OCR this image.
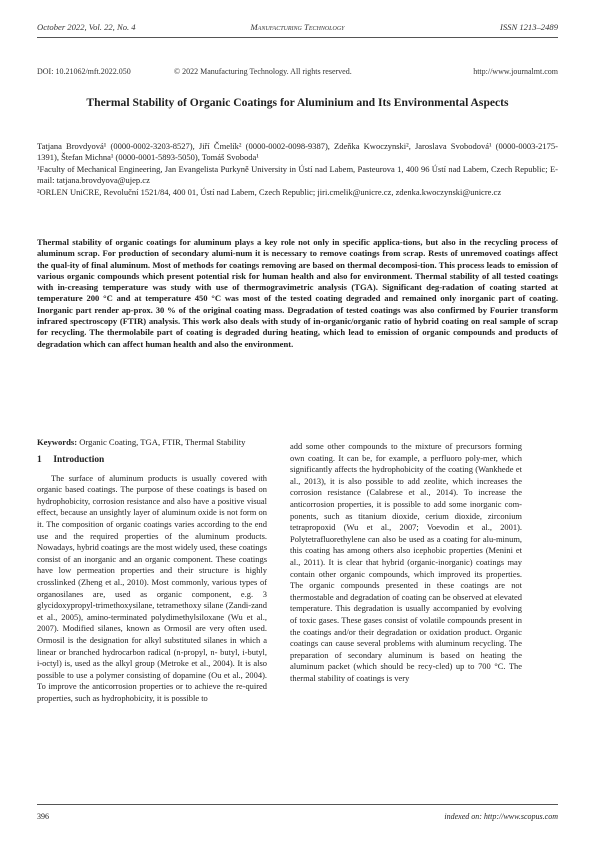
October 2022, Vol. 22, No. 4	Manufacturing Technology	ISSN 1213–2489
DOI: 10.21062/mft.2022.050	© 2022 Manufacturing Technology. All rights reserved.	http://www.journalmt.com
Thermal Stability of Organic Coatings for Aluminium and Its Environmental Aspects
Tatjana Brovdyová¹ (0000-0002-3203-8527), Jiří Čmelík² (0000-0002-0098-9387), Zdeňka Kwoczynski², Jaroslava Svobodová¹ (0000-0003-2175-1391), Štefan Michna¹ (0000-0001-5893-5050), Tomáš Svoboda¹
¹Faculty of Mechanical Engineering, Jan Evangelista Purkyně University in Ústí nad Labem, Pasteurova 1, 400 96 Ústí nad Labem, Czech Republic; E-mail: tatjana.brovdyova@ujep.cz
²ORLEN UniCRE, Revoluční 1521/84, 400 01, Ústí nad Labem, Czech Republic; jiri.cmelik@unicre.cz, zdenka.kwoczynski@unicre.cz
Thermal stability of organic coatings for aluminum plays a key role not only in specific applica-tions, but also in the recycling process of aluminum scrap. For production of secondary alumi-num it is necessary to remove coatings from scrap. Rests of unremoved coatings affect the qual-ity of final aluminum. Most of methods for coatings removing are based on thermal decomposi-tion. This process leads to emission of various organic compounds which present potential risk for human health and also for environment. Thermal stability of all tested coatings with in-creasing temperature was study with use of thermogravimetric analysis (TGA). Significant deg-radation of coating started at temperature 200 °C and at temperature 450 °C was most of the tested coating degraded and remained only inorganic part of coating. Inorganic part render ap-prox. 30 % of the original coating mass. Degradation of tested coatings was also confirmed by Fourier transform infrared spectroscopy (FTIR) analysis. This work also deals with study of in-organic/organic ratio of hybrid coating on real sample of scrap for recycling. The thermolabile part of coating is degraded during heating, which lead to emission of organic compounds and products of degradation which can affect human health and also the environment.
Keywords: Organic Coating, TGA, FTIR, Thermal Stability
1 Introduction

The surface of aluminum products is usually covered with organic based coatings. The purpose of these coatings is based on hydrophobicity, corrosion resistance and also have a positive visual effect, because an unsightly layer of aluminum oxide is not form on it. The composition of organic coatings varies according to the end use and the required properties of the aluminum products. Nowadays, hybrid coatings are the most widely used, these coatings consist of an inorganic and an organic component. These coatings have low permeation properties and their structure is highly crosslinked (Zheng et al., 2010). Most commonly, various types of organosilanes are, used as organic component, e.g. 3 glycidoxypropyl-trimethoxysilane, tetramethoxy silane (Zandi-zand et al., 2005), amino-terminated polydimethylsiloxane (Wu et al., 2007). Modified silanes, known as Ormosil are very often used. Ormosil is the designation for alkyl substituted silanes in which a linear or branched hydrocarbon radical (n-propyl, n- butyl, i-butyl, i-octyl) is, used as the alkyl group (Metroke et al., 2004). It is also possible to use a polymer consisting of dopamine (Ou et al., 2004). To improve the anticorrosion properties or to achieve the re-quired properties, such as hydrophobicity, it is possible to

add some other compounds to the mixture of precursors forming own coating. It can be, for example, a perfluoro poly-mer, which significantly affects the hydrophobicity of the coating (Wankhede et al., 2013), it is also possible to add zeolite, which increases the corrosion resistance (Calabrese et al., 2014). To increase the anticorrosion properties, it is possible to add some inorganic com-ponents, such as titanium dioxide, cerium dioxide, zirconium tetrapropoxid (Wu et al., 2007; Voevodin et al., 2001). Polytetrafluorethylene can also be used as a coating for alu-minum, this coating has among others also icephobic properties (Menini et al., 2011). It is clear that hybrid (organic-inorganic) coatings may contain other organic compounds, which improved its properties. The organic compounds presented in these coatings are not thermostable and degradation of coating can be observed at elevated temperature. This degradation is usually accompanied by evolving of toxic gases. These gases consist of volatile compounds present in the coatings and/or their degradation or oxidation product. Organic coatings can cause several problems with aluminum recycling. The preparation of secondary aluminum is based on heating the aluminum packet (which should be recy-cled) up to 700 °C. The thermal stability of coatings is very

396	indexed on: http://www.scopus.com
